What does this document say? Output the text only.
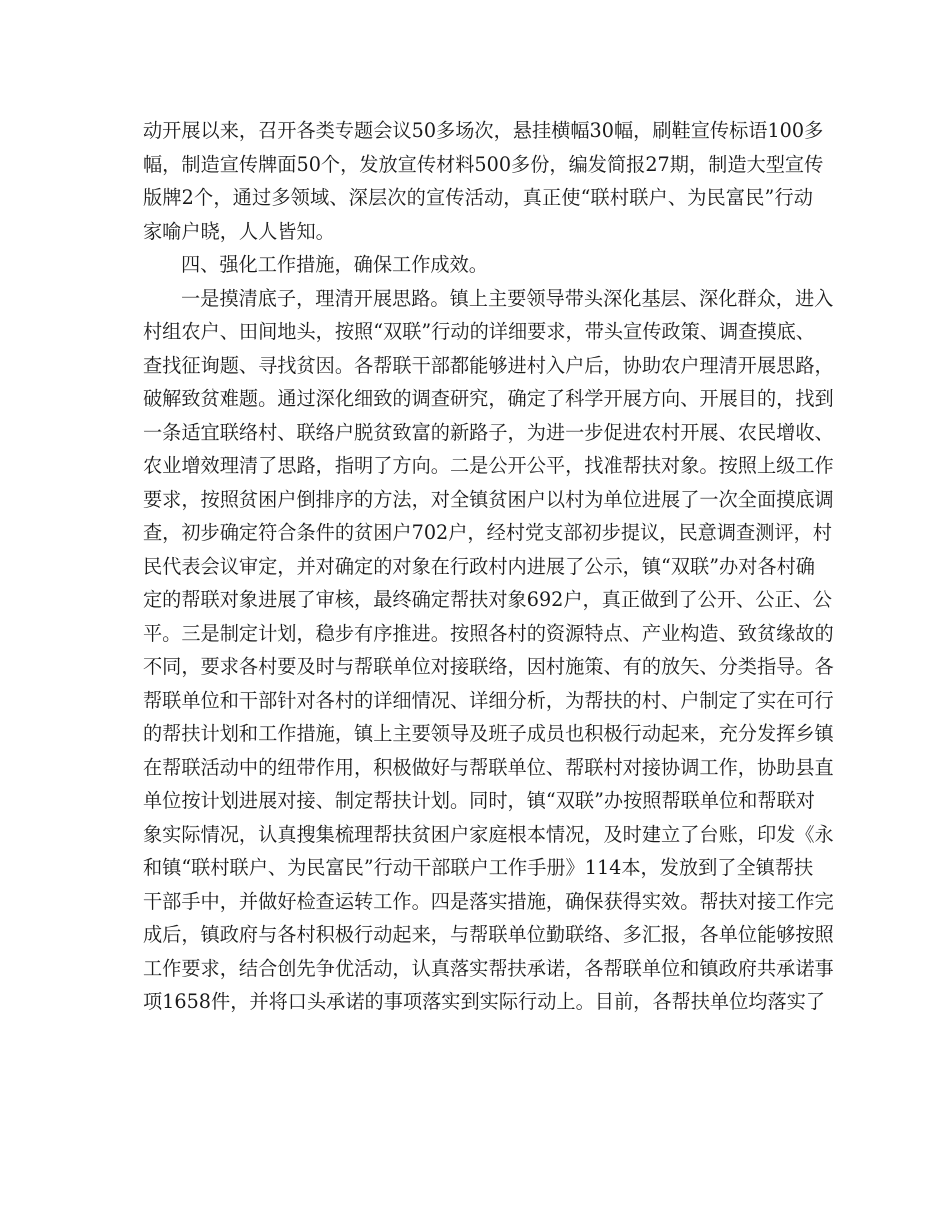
动开展以来，召开各类专题会议50多场次，悬挂横幅30幅，刷鞋宣传标语100多
幅，制造宣传牌面50个，发放宣传材料500多份，编发简报27期，制造大型宣传
版牌2个，通过多领域、深层次的宣传活动，真正使“联村联户、为民富民”行动
家喻户晓，人人皆知。
四、强化工作措施，确保工作成效。
一是摸清底子，理清开展思路。镇上主要领导带头深化基层、深化群众，进入
村组农户、田间地头，按照“双联”行动的详细要求，带头宣传政策、调查摸底、
查找征询题、寻找贫因。各帮联干部都能够进村入户后，协助农户理清开展思路，
破解致贫难题。通过深化细致的调查研究，确定了科学开展方向、开展目的，找到
一条适宜联络村、联络户脱贫致富的新路子，为进一步促进农村开展、农民增收、
农业增效理清了思路，指明了方向。二是公开公平，找准帮扶对象。按照上级工作
要求，按照贫困户倒排序的方法，对全镇贫困户以村为单位进展了一次全面摸底调
查，初步确定符合条件的贫困户702户，经村党支部初步提议，民意调查测评，村
民代表会议审定，并对确定的对象在行政村内进展了公示，镇“双联”办对各村确
定的帮联对象进展了审核，最终确定帮扶对象692户，真正做到了公开、公正、公
平。三是制定计划，稳步有序推进。按照各村的资源特点、产业构造、致贫缘故的
不同，要求各村要及时与帮联单位对接联络，因村施策、有的放矢、分类指导。各
帮联单位和干部针对各村的详细情况、详细分析，为帮扶的村、户制定了实在可行
的帮扶计划和工作措施，镇上主要领导及班子成员也积极行动起来，充分发挥乡镇
在帮联活动中的纽带作用，积极做好与帮联单位、帮联村对接协调工作，协助县直
单位按计划进展对接、制定帮扶计划。同时，镇“双联”办按照帮联单位和帮联对
象实际情况，认真搜集梳理帮扶贫困户家庭根本情况，及时建立了台账，印发《永
和镇“联村联户、为民富民”行动干部联户工作手册》114本，发放到了全镇帮扶
干部手中，并做好检查运转工作。四是落实措施，确保获得实效。帮扶对接工作完
成后，镇政府与各村积极行动起来，与帮联单位勤联络、多汇报，各单位能够按照
工作要求，结合创先争优活动，认真落实帮扶承诺，各帮联单位和镇政府共承诺事
项1658件，并将口头承诺的事项落实到实际行动上。目前，各帮扶单位均落实了
